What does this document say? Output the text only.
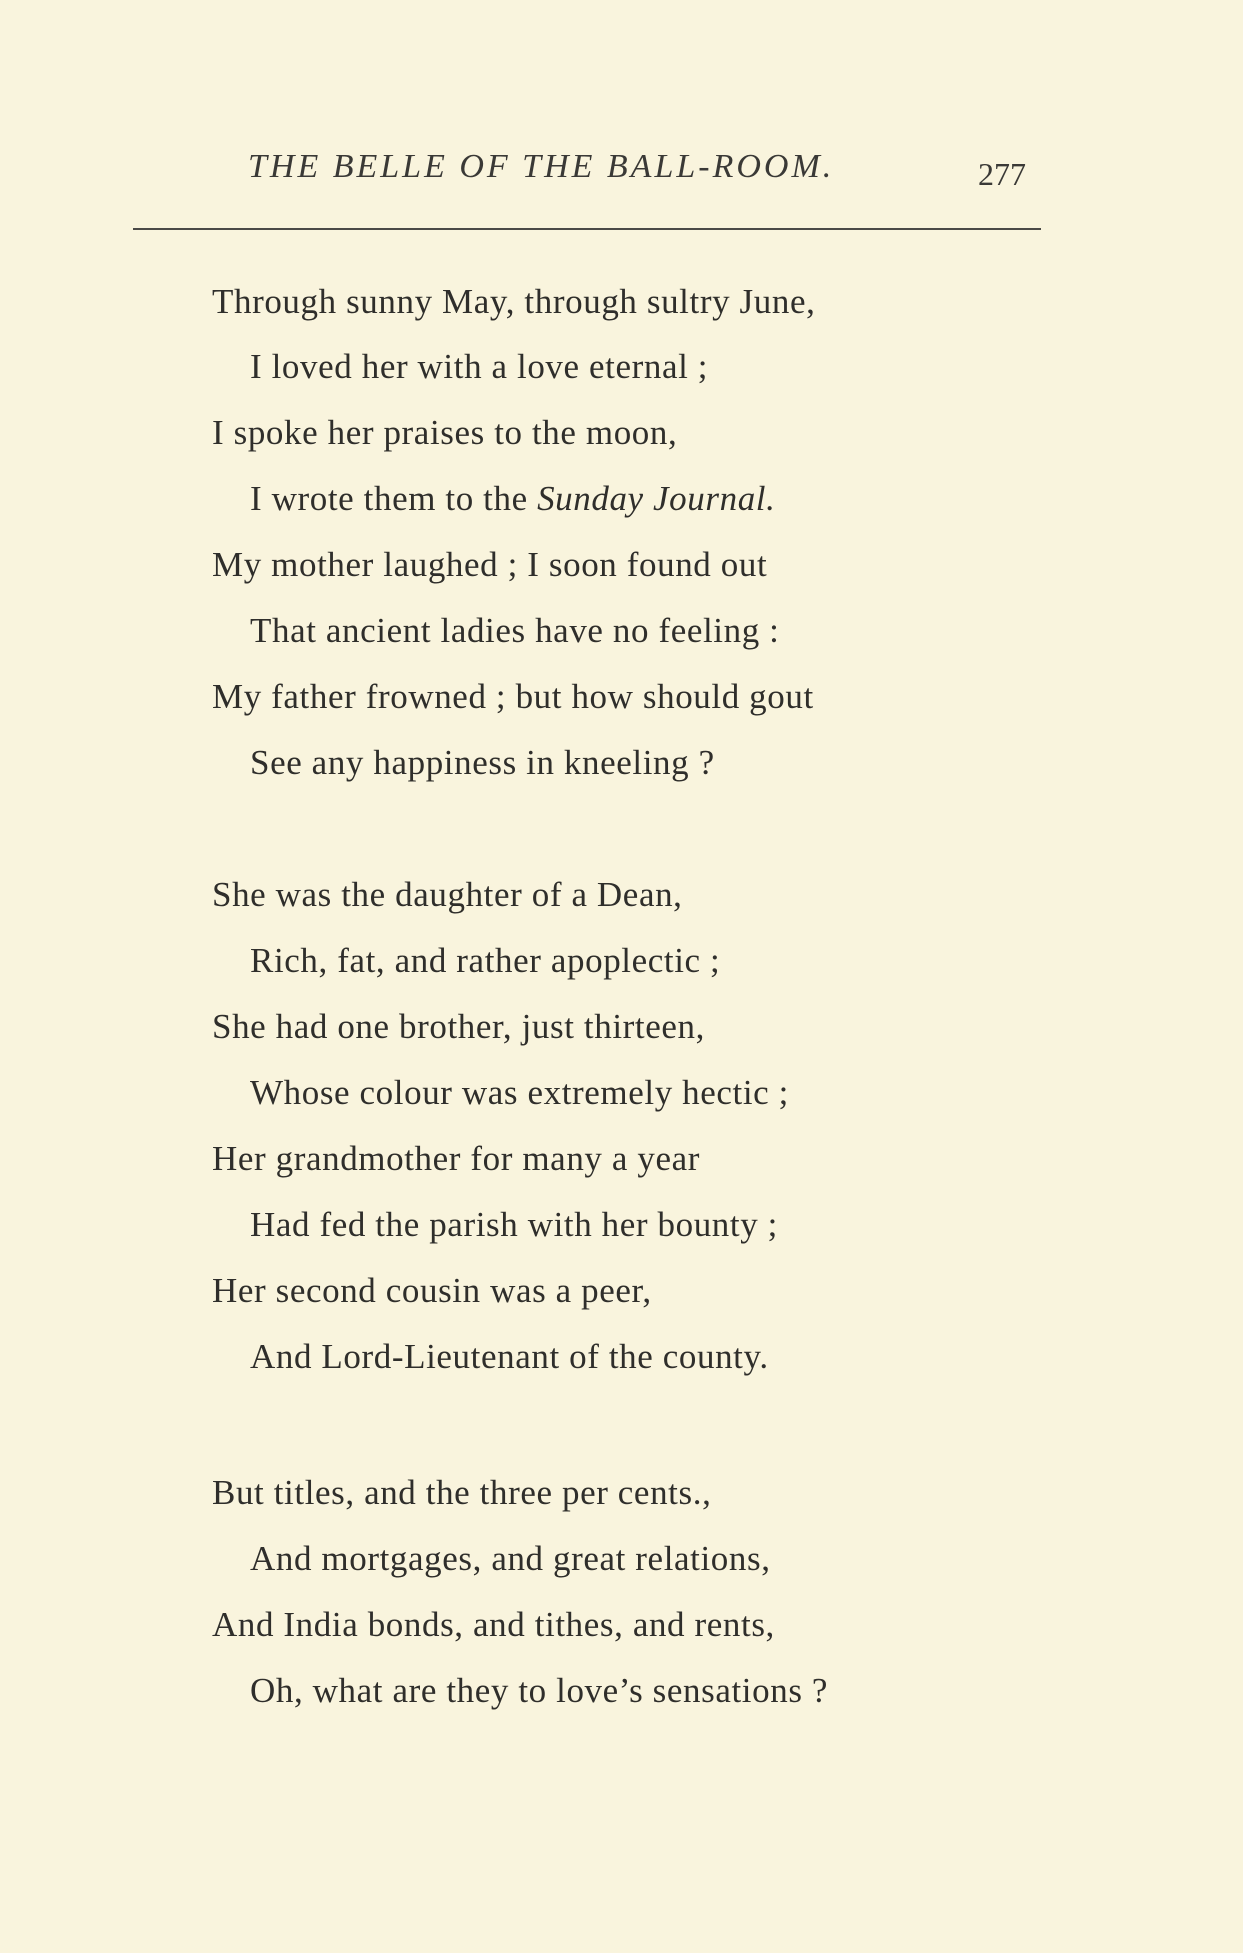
THE BELLE OF THE BALL-ROOM.	277
Through sunny May, through sultry June,
I loved her with a love eternal ;
I spoke her praises to the moon,
I wrote them to the Sunday Journal.
My mother laughed ; I soon found out
That ancient ladies have no feeling :
My father frowned ; but how should gout
See any happiness in kneeling ?
She was the daughter of a Dean,
Rich, fat, and rather apoplectic ;
She had one brother, just thirteen,
Whose colour was extremely hectic ;
Her grandmother for many a year
Had fed the parish with her bounty ;
Her second cousin was a peer,
And Lord-Lieutenant of the county.
But titles, and the three per cents.,
And mortgages, and great relations,
And India bonds, and tithes, and rents,
Oh, what are they to love’s sensations ?
